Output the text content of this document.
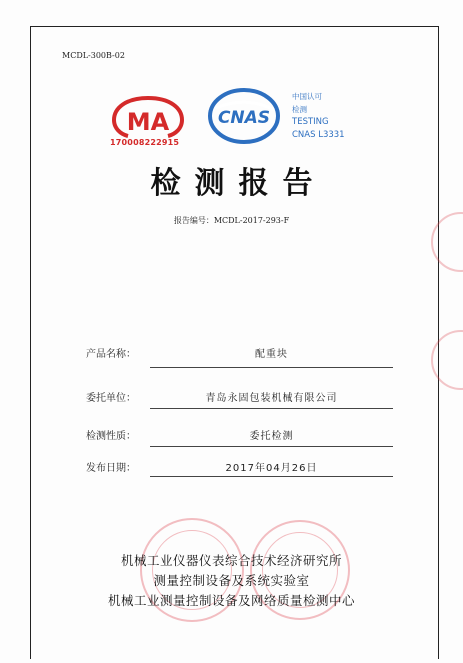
MCDL-300B-02
MA
170008222915
CNAS
中国认可
检测
TESTING
CNAS L3331
检测报告
报告编号：MCDL-2017-293-F
产品名称：	配重块
委托单位：	青岛永固包装机械有限公司
检测性质：	委托检测
发布日期：	2017年04月26日
机械工业仪器仪表综合技术经济研究所
测量控制设备及系统实验室
机械工业测量控制设备及网络质量检测中心
